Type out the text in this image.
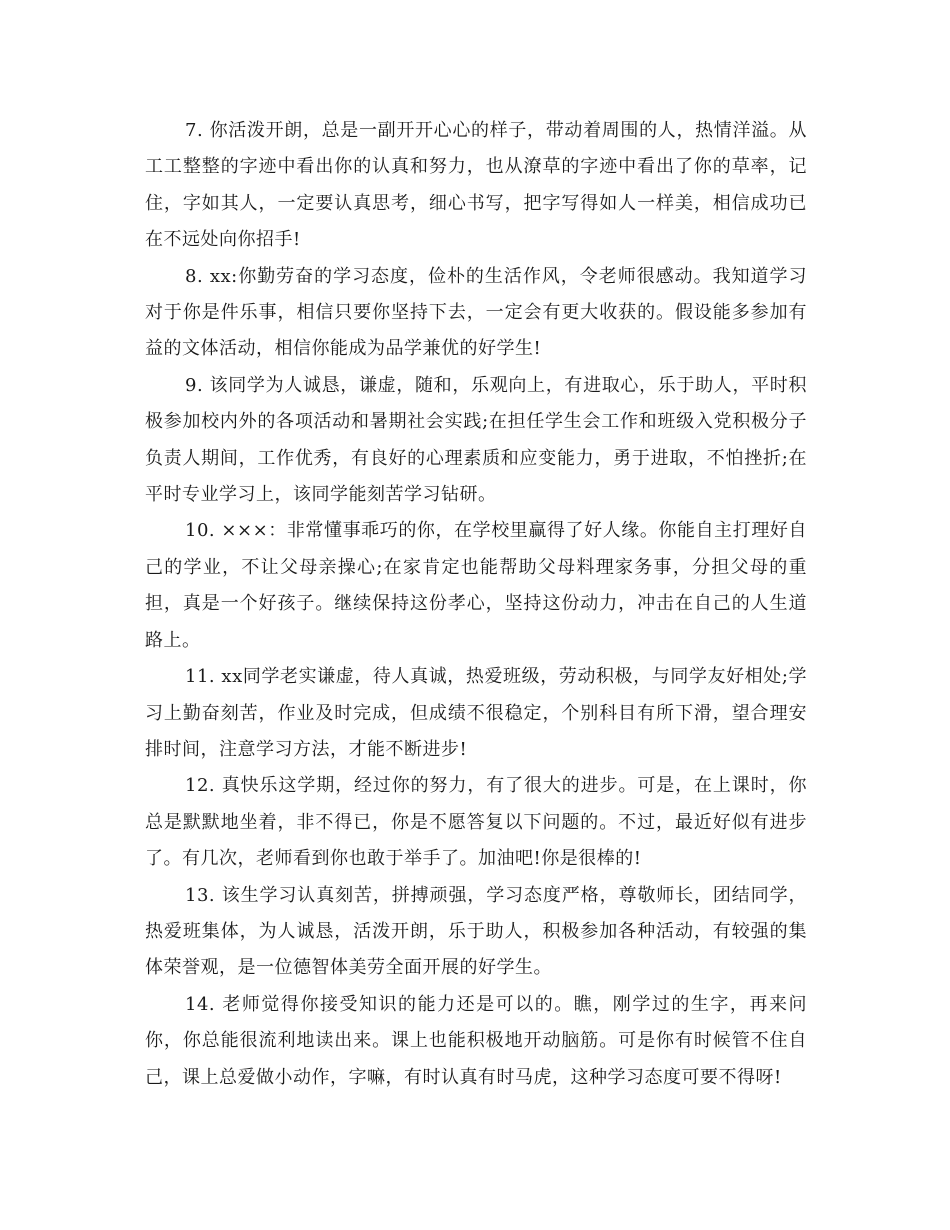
7. 你活泼开朗，总是一副开开心心的样子，带动着周围的人，热情洋溢。从工工整整的字迹中看出你的认真和努力，也从潦草的字迹中看出了你的草率，记住，字如其人，一定要认真思考，细心书写，把字写得如人一样美，相信成功已在不远处向你招手!

8. xx:你勤劳奋的学习态度，俭朴的生活作风，令老师很感动。我知道学习对于你是件乐事，相信只要你坚持下去，一定会有更大收获的。假设能多参加有益的文体活动，相信你能成为品学兼优的好学生!

9. 该同学为人诚恳，谦虚，随和，乐观向上，有进取心，乐于助人，平时积极参加校内外的各项活动和暑期社会实践;在担任学生会工作和班级入党积极分子负责人期间，工作优秀，有良好的心理素质和应变能力，勇于进取，不怕挫折;在平时专业学习上，该同学能刻苦学习钻研。

10. ×××：非常懂事乖巧的你，在学校里赢得了好人缘。你能自主打理好自己的学业，不让父母亲操心;在家肯定也能帮助父母料理家务事，分担父母的重担，真是一个好孩子。继续保持这份孝心，坚持这份动力，冲击在自己的人生道路上。

11. xx同学老实谦虚，待人真诚，热爱班级，劳动积极，与同学友好相处;学习上勤奋刻苦，作业及时完成，但成绩不很稳定，个别科目有所下滑，望合理安排时间，注意学习方法，才能不断进步!

12. 真快乐这学期，经过你的努力，有了很大的进步。可是，在上课时，你总是默默地坐着，非不得已，你是不愿答复以下问题的。不过，最近好似有进步了。有几次，老师看到你也敢于举手了。加油吧!你是很棒的!

13. 该生学习认真刻苦，拼搏顽强，学习态度严格，尊敬师长，团结同学，热爱班集体，为人诚恳，活泼开朗，乐于助人，积极参加各种活动，有较强的集体荣誉观，是一位德智体美劳全面开展的好学生。

14. 老师觉得你接受知识的能力还是可以的。瞧，刚学过的生字，再来问你，你总能很流利地读出来。课上也能积极地开动脑筋。可是你有时候管不住自己，课上总爱做小动作，字嘛，有时认真有时马虎，这种学习态度可要不得呀!
